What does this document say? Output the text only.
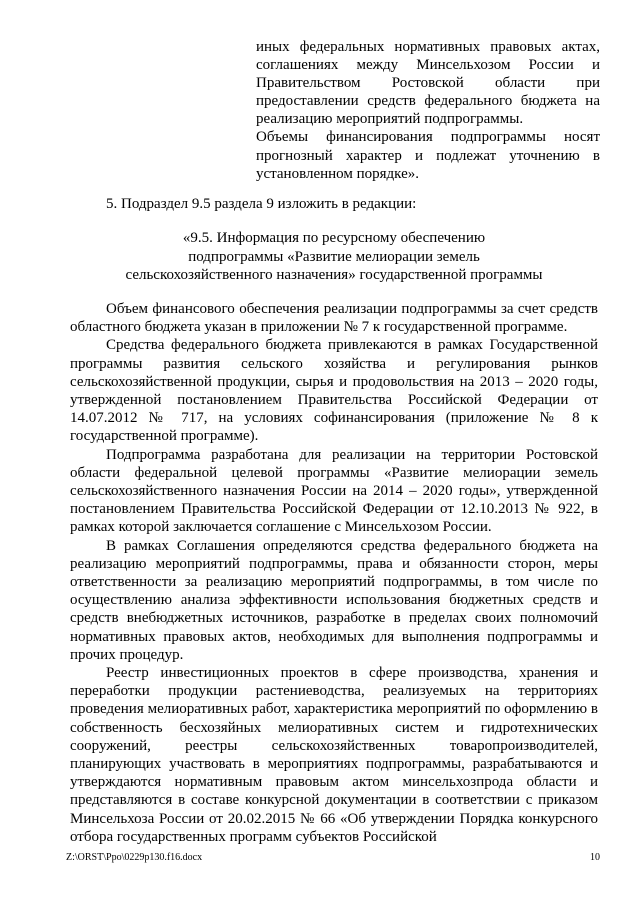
иных федеральных нормативных правовых актах, соглашениях между Минсельхозом России и Правительством Ростовской области при предоставлении средств федерального бюджета на реализацию мероприятий подпрограммы.

Объемы финансирования подпрограммы носят прогнозный характер и подлежат уточнению в установленном порядке».

5. Подраздел 9.5 раздела 9 изложить в редакции:
«9.5. Информация по ресурсному обеспечению
подпрограммы «Развитие мелиорации земель
сельскохозяйственного назначения» государственной программы

Объем финансового обеспечения реализации подпрограммы за счет средств областного бюджета указан в приложении № 7 к государственной программе.

Средства федерального бюджета привлекаются в рамках Государственной программы развития сельского хозяйства и регулирования рынков сельскохозяйственной продукции, сырья и продовольствия на 2013 – 2020 годы, утвержденной постановлением Правительства Российской Федерации от 14.07.2012 № 717, на условиях софинансирования (приложение № 8 к государственной программе).

Подпрограмма разработана для реализации на территории Ростовской области федеральной целевой программы «Развитие мелиорации земель сельскохозяйственного назначения России на 2014 – 2020 годы», утвержденной постановлением Правительства Российской Федерации от 12.10.2013 № 922, в рамках которой заключается соглашение с Минсельхозом России.

В рамках Соглашения определяются средства федерального бюджета на реализацию мероприятий подпрограммы, права и обязанности сторон, меры ответственности за реализацию мероприятий подпрограммы, в том числе по осуществлению анализа эффективности использования бюджетных средств и средств внебюджетных источников, разработке в пределах своих полномочий нормативных правовых актов, необходимых для выполнения подпрограммы и прочих процедур.

Реестр инвестиционных проектов в сфере производства, хранения и переработки продукции растениеводства, реализуемых на территориях проведения мелиоративных работ, характеристика мероприятий по оформлению в собственность бесхозяйных мелиоративных систем и гидротехнических сооружений, реестры сельскохозяйственных товаропроизводителей, планирующих участвовать в мероприятиях подпрограммы, разрабатываются и утверждаются нормативным правовым актом минсельхозпрода области и представляются в составе конкурсной документации в соответствии с приказом Минсельхоза России от 20.02.2015 № 66 «Об утверждении Порядка конкурсного отбора государственных программ субъектов Российской

Z:\ORST\Ppo\0229p130.f16.docx	10
